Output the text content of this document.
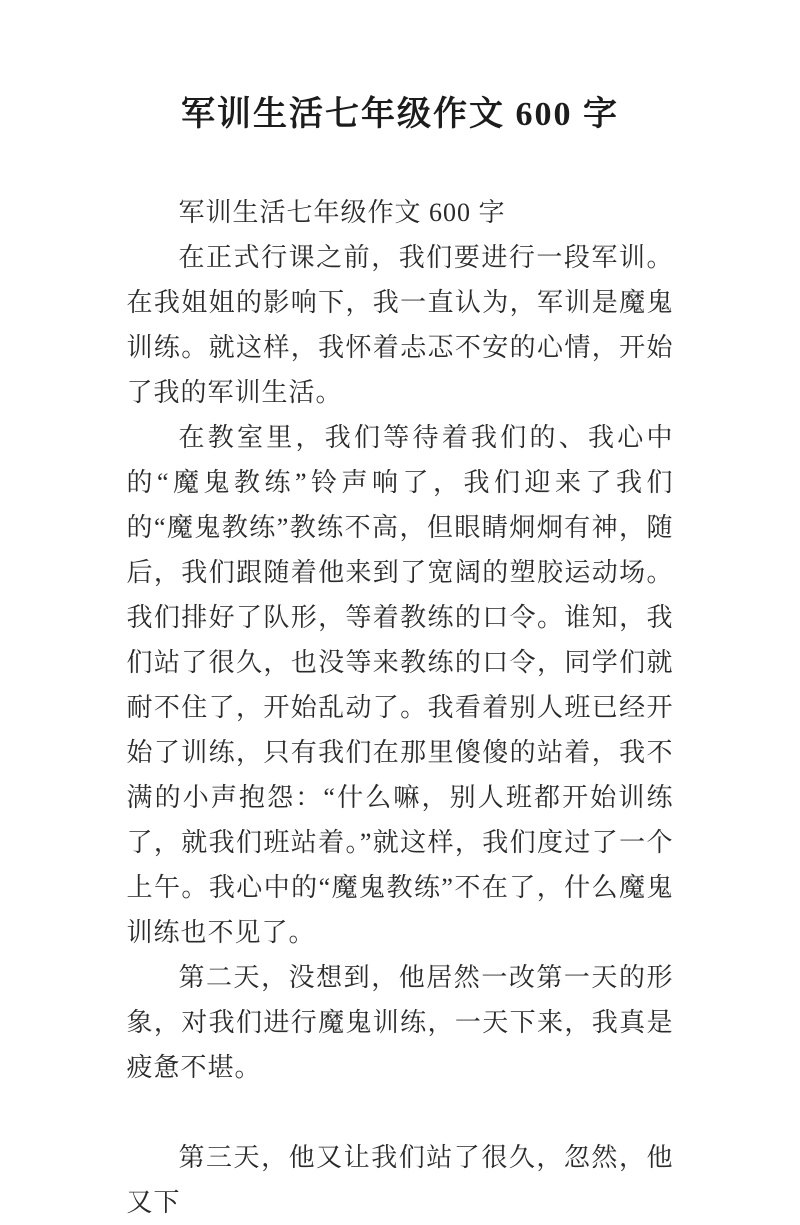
军训生活七年级作文 600 字

军训生活七年级作文 600 字

在正式行课之前，我们要进行一段军训。在我姐姐的影响下，我一直认为，军训是魔鬼训练。就这样，我怀着忐忑不安的心情，开始了我的军训生活。

在教室里，我们等待着我们的、我心中的“魔鬼教练”铃声响了，我们迎来了我们的“魔鬼教练”教练不高，但眼睛炯炯有神，随后，我们跟随着他来到了宽阔的塑胶运动场。我们排好了队形，等着教练的口令。谁知，我们站了很久，也没等来教练的口令，同学们就耐不住了，开始乱动了。我看着别人班已经开始了训练，只有我们在那里傻傻的站着，我不满的小声抱怨：“什么嘛，别人班都开始训练了，就我们班站着。”就这样，我们度过了一个上午。我心中的“魔鬼教练”不在了，什么魔鬼训练也不见了。

第二天，没想到，他居然一改第一天的形象，对我们进行魔鬼训练，一天下来，我真是疲惫不堪。

第三天，他又让我们站了很久，忽然，他又下
